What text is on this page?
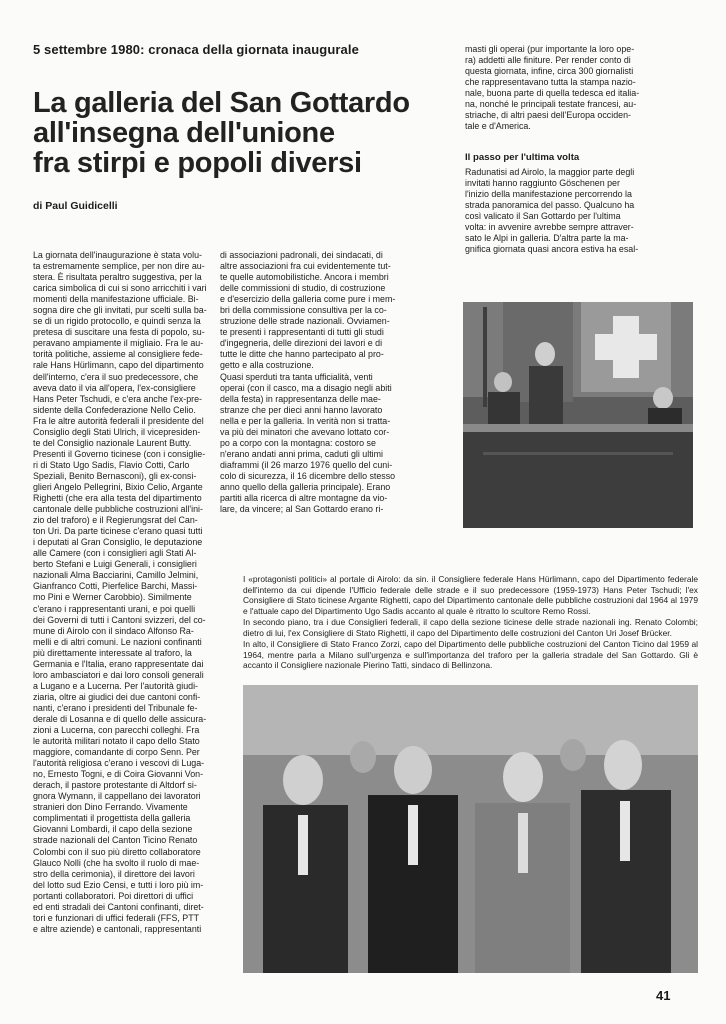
5 settembre 1980: cronaca della giornata inaugurale
La galleria del San Gottardo
all'insegna dell'unione
fra stirpi e popoli diversi
di Paul Guidicelli

La giornata dell'inaugurazione è stata volu-
ta estremamente semplice, per non dire au-
stera. È risultata peraltro suggestiva, per la
carica simbolica di cui si sono arricchiti i vari
momenti della manifestazione ufficiale. Bi-
sogna dire che gli invitati, pur scelti sulla ba-
se di un rigido protocollo, e quindi senza la
pretesa di suscitare una festa di popolo, su-
peravano ampiamente il migliaio. Fra le au-
torità politiche, assieme al consigliere fede-
rale Hans Hürlimann, capo del dipartimento
dell'interno, c'era il suo predecessore, che
aveva dato il via all'opera, l'ex-consigliere
Hans Peter Tschudi, e c'era anche l'ex-pre-
sidente della Confederazione Nello Celio.
Fra le altre autorità federali il presidente del
Consiglio degli Stati Ulrich, il vicepresiden-
te del Consiglio nazionale Laurent Butty.
Presenti il Governo ticinese (con i consiglie-
ri di Stato Ugo Sadis, Flavio Cotti, Carlo
Speziali, Benito Bernasconi), gli ex-consi-
glieri Angelo Pellegrini, Bixio Celio, Argante
Righetti (che era alla testa del dipartimento
cantonale delle pubbliche costruzioni all'ini-
zio del traforo) e il Regierungsrat del Can-
ton Uri. Da parte ticinese c'erano quasi tutti
i deputati al Gran Consiglio, le deputazione
alle Camere (con i consiglieri agli Stati Al-
berto Stefani e Luigi Generali, i consiglieri
nazionali Alma Bacciarini, Camillo Jelmini,
Gianfranco Cotti, Pierfelice Barchi, Massi-
mo Pini e Werner Carobbio). Similmente
c'erano i rappresentanti urani, e poi quelli
dei Governi di tutti i Cantoni svizzeri, del co-
mune di Airolo con il sindaco Alfonso Ra-
melli e di altri comuni. Le nazioni confinanti
più direttamente interessate al traforo, la
Germania e l'Italia, erano rappresentate dai
loro ambasciatori e dai loro consoli generali
a Lugano e a Lucerna. Per l'autorità giudi-
ziaria, oltre ai giudici dei due cantoni confi-
nanti, c'erano i presidenti del Tribunale fe-
derale di Losanna e di quello delle assicura-
zioni a Lucerna, con parecchi colleghi. Fra
le autorità militari notato il capo dello Stato
maggiore, comandante di corpo Senn. Per
l'autorità religiosa c'erano i vescovi di Luga-
no, Ernesto Togni, e di Coira Giovanni Von-
derach, il pastore protestante di Altdorf si-
gnora Wymann, il cappellano dei lavoratori
stranieri don Dino Ferrando. Vivamente
complimentati il progettista della galleria
Giovanni Lombardi, il capo della sezione
strade nazionali del Canton Ticino Renato
Colombi con il suo più diretto collaboratore
Glauco Nolli (che ha svolto il ruolo di mae-
stro della cerimonia), il direttore dei lavori
del lotto sud Ezio Censi, e tutti i loro più im-
portanti collaboratori. Poi direttori di uffici
ed enti stradali dei Cantoni confinanti, diret-
tori e funzionari di uffici federali (FFS, PTT
e altre aziende) e cantonali, rappresentanti

di associazioni padronali, dei sindacati, di
altre associazioni fra cui evidentemente tut-
te quelle automobilistiche. Ancora i membri
delle commissioni di studio, di costruzione
e d'esercizio della galleria come pure i mem-
bri della commissione consultiva per la co-
struzione delle strade nazionali. Ovviamen-
te presenti i rappresentanti di tutti gli studi
d'ingegneria, delle direzioni dei lavori e di
tutte le ditte che hanno partecipato al pro-
getto e alla costruzione.
Quasi sperduti tra tanta ufficialità, venti
operai (con il casco, ma a disagio negli abiti
della festa) in rappresentanza delle mae-
stranze che per dieci anni hanno lavorato
nella e per la galleria. In verità non si tratta-
va più dei minatori che avevano lottato cor-
po a corpo con la montagna: costoro se
n'erano andati anni prima, caduti gli ultimi
diaframmi (il 26 marzo 1976 quello del cuni-
colo di sicurezza, il 16 dicembre dello stesso
anno quello della galleria principale). Erano
partiti alla ricerca di altre montagne da vio-
lare, da vincere; al San Gottardo erano ri-

masti gli operai (pur importante la loro ope-
ra) addetti alle finiture. Per render conto di
questa giornata, infine, circa 300 giornalisti
che rappresentavano tutta la stampa nazio-
nale, buona parte di quella tedesca ed italia-
na, nonché le principali testate francesi, au-
striache, di altri paesi dell'Europa occiden-
tale e d'America.

Il passo per l'ultima volta

Radunatisi ad Airolo, la maggior parte degli
invitati hanno raggiunto Göschenen per
l'inizio della manifestazione percorrendo la
strada panoramica del passo. Qualcuno ha
così valicato il San Gottardo per l'ultima
volta: in avvenire avrebbe sempre attraver-
sato le Alpi in galleria. D'altra parte la ma-
gnifica giornata quasi ancora estiva ha esal-

I «protagonisti politici» al portale di Airolo: da sin. il Consigliere federale Hans Hürlimann, capo del Dipartimento federale dell'interno da cui dipende l'Ufficio federale delle strade e il suo predecessore (1959-1973) Hans Peter Tschudi; l'ex Consigliere di Stato ticinese Argante Righetti, capo del Dipartimento cantonale delle pubbliche costruzioni dal 1964 al 1979 e l'attuale capo del Dipartimento Ugo Sadis accanto al quale è ritratto lo scultore Remo Rossi.

In secondo piano, tra i due Consiglieri federali, il capo della sezione ticinese delle strade nazionali ing. Renato Colombi; dietro di lui, l'ex Consigliere di Stato Righetti, il capo del Dipartimento delle costruzioni del Canton Uri Josef Brücker.

In alto, il Consigliere di Stato Franco Zorzi, capo del Dipartimento delle pubbliche costruzioni del Canton Ticino dal 1959 al 1964, mentre parla a Milano sull'urgenza e sull'importanza del traforo per la galleria stradale del San Gottardo. Gli è accanto il Consigliere nazionale Pierino Tatti, sindaco di Bellinzona.

41
